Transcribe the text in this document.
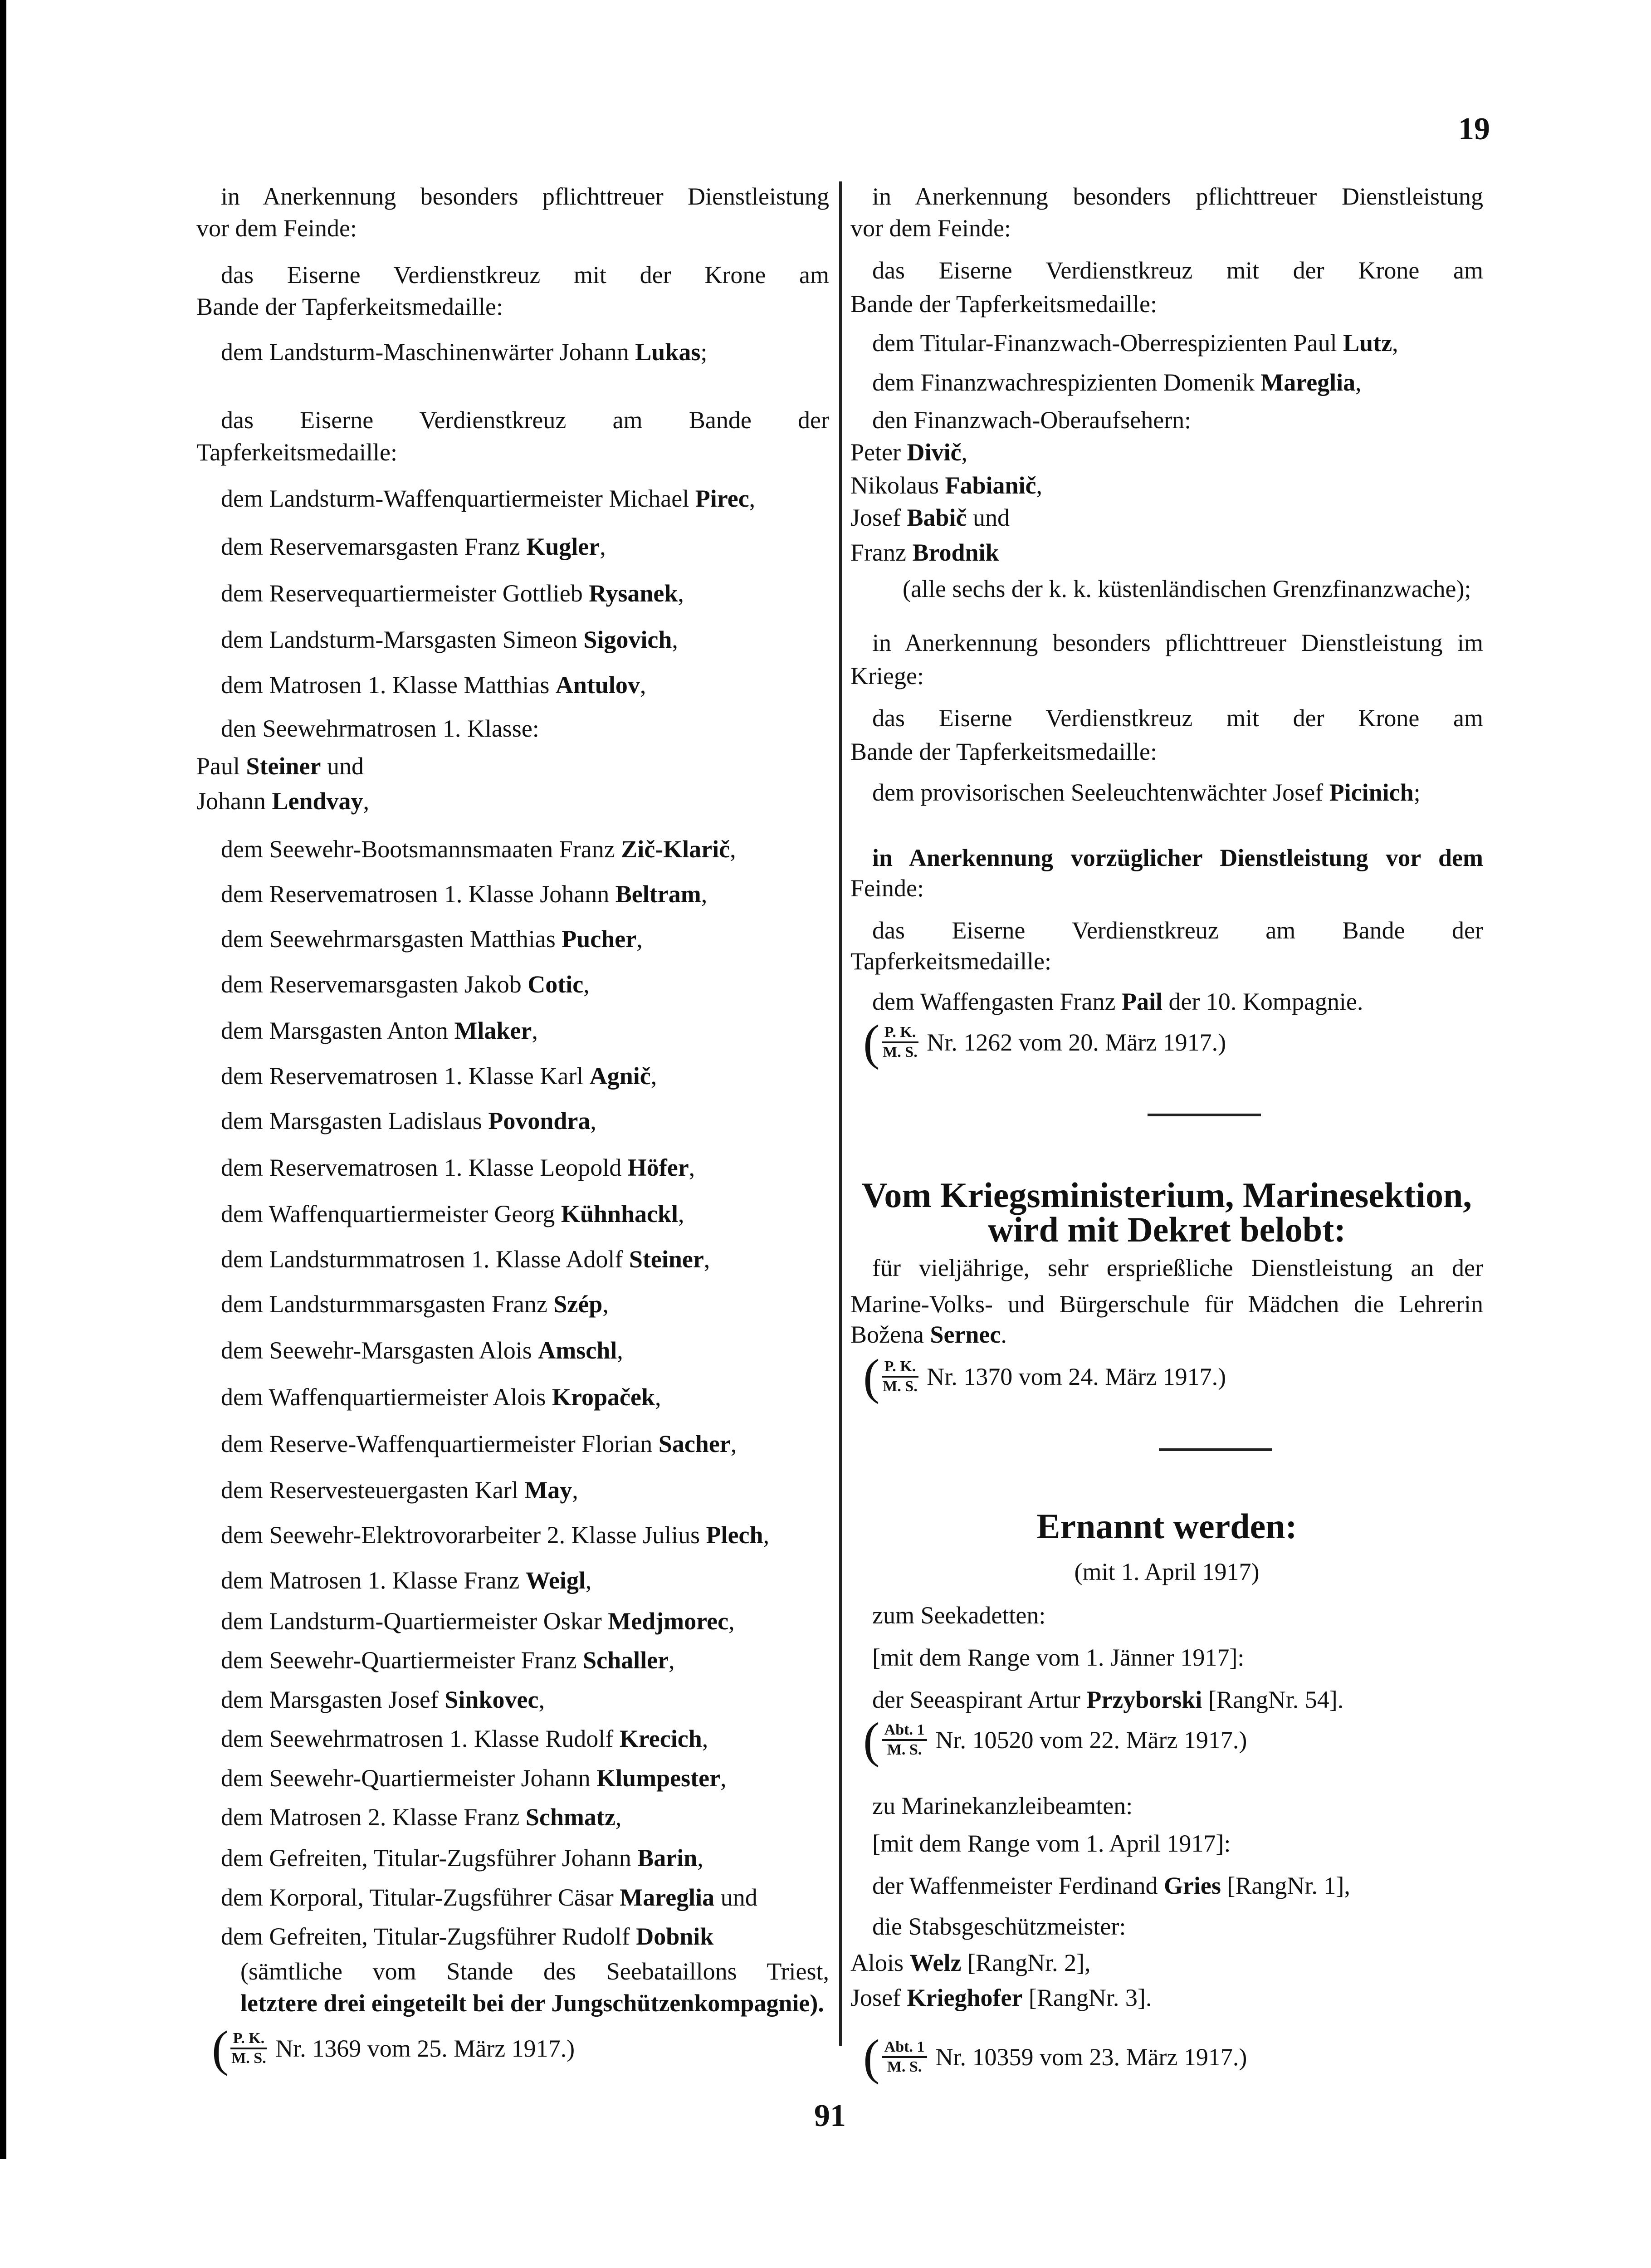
19
in Anerkennung besonders pflichttreuer Dienstleistung
vor dem Feinde:
das Eiserne Verdienstkreuz mit der Krone am
Bande der Tapferkeitsmedaille:
dem Landsturm-Maschinenwärter Johann Lukas;
das Eiserne Verdienstkreuz am Bande der
Tapferkeitsmedaille:
dem Landsturm-Waffenquartiermeister Michael Pirec,
dem Reservemarsgasten Franz Kugler,
dem Reservequartiermeister Gottlieb Rysanek,
dem Landsturm-Marsgasten Simeon Sigovich,
dem Matrosen 1. Klasse Matthias Antulov,
den Seewehrmatrosen 1. Klasse:
Paul Steiner und
Johann Lendvay,
dem Seewehr-Bootsmannsmaaten Franz Zič-Klarič,
dem Reservematrosen 1. Klasse Johann Beltram,
dem Seewehrmarsgasten Matthias Pucher,
dem Reservemarsgasten Jakob Cotic,
dem Marsgasten Anton Mlaker,
dem Reservematrosen 1. Klasse Karl Agnič,
dem Marsgasten Ladislaus Povondra,
dem Reservematrosen 1. Klasse Leopold Höfer,
dem Waffenquartiermeister Georg Kühnhackl,
dem Landsturmmatrosen 1. Klasse Adolf Steiner,
dem Landsturmmarsgasten Franz Szép,
dem Seewehr-Marsgasten Alois Amschl,
dem Waffenquartiermeister Alois Kropaček,
dem Reserve-Waffenquartiermeister Florian Sacher,
dem Reservesteuergasten Karl May,
dem Seewehr-Elektrovorarbeiter 2. Klasse Julius Plech,
dem Matrosen 1. Klasse Franz Weigl,
dem Landsturm-Quartiermeister Oskar Medjmorec,
dem Seewehr-Quartiermeister Franz Schaller,
dem Marsgasten Josef Sinkovec,
dem Seewehrmatrosen 1. Klasse Rudolf Krecich,
dem Seewehr-Quartiermeister Johann Klumpester,
dem Matrosen 2. Klasse Franz Schmatz,
dem Gefreiten, Titular-Zugsführer Johann Barin,
dem Korporal, Titular-Zugsführer Cäsar Mareglia und
dem Gefreiten, Titular-Zugsführer Rudolf Dobnik
(sämtliche vom Stande des Seebataillons Triest,
letztere drei eingeteilt bei der Jungschützenkompagnie).
( $\frac{P. K.}{M. S.} Nr$. 1369 vom 25. März 1917.)
in Anerkennung besonders pflichttreuer Dienstleistung
vor dem Feinde:
das Eiserne Verdienstkreuz mit der Krone am
Bande der Tapferkeitsmedaille:
dem Titular-Finanzwach-Oberrespizienten Paul Lutz,
dem Finanzwachrespizienten Domenik Mareglia,
den Finanzwach-Oberaufsehern:
Peter Divič,
Nikolaus Fabianič,
Josef Babič und
Franz Brodnik
(alle sechs der k. k. küstenländischen Grenzfinanzwache);
in Anerkennung besonders pflichttreuer Dienstleistung im
Kriege:
das Eiserne Verdienstkreuz mit der Krone am
Bande der Tapferkeitsmedaille:
dem provisorischen Seeleuchtenwächter Josef Picinich;
in Anerkennung vorzüglicher Dienstleistung vor dem
Feinde:
das Eiserne Verdienstkreuz am Bande der
Tapferkeitsmedaille:
dem Waffengasten Franz Pail der 10. Kompagnie.
( $\frac{P. K.}{M. S.} Nr$. 1262 vom 20. März 1917.)
Vom Kriegsministerium, Marinesektion,
wird mit Dekret belobt:
für vieljährige, sehr ersprießliche Dienstleistung an der
Marine-Volks- und Bürgerschule für Mädchen die Lehrerin
Božena Sernec.
( $\frac{P. K.}{M. S.} Nr$. 1370 vom 24. März 1917.)
Ernannt werden:
(mit 1. April 1917)
zum Seekadetten:
[mit dem Range vom 1. Jänner 1917]:
der Seeaspirant Artur Przyborski [RangNr. 54].
( $\frac{\text{Abt. 1}}{M. S.} Nr$. 10520 vom 22. März 1917.)
zu Marinekanzleibeamten:
[mit dem Range vom 1. April 1917]:
der Waffenmeister Ferdinand Gries [RangNr. 1],
die Stabsgeschützmeister:
Alois Welz [RangNr. 2],
Josef Krieghofer [RangNr. 3].
( $\frac{\text{Abt. 1}}{M. S.} Nr$. 10359 vom 23. März 1917.)
91
